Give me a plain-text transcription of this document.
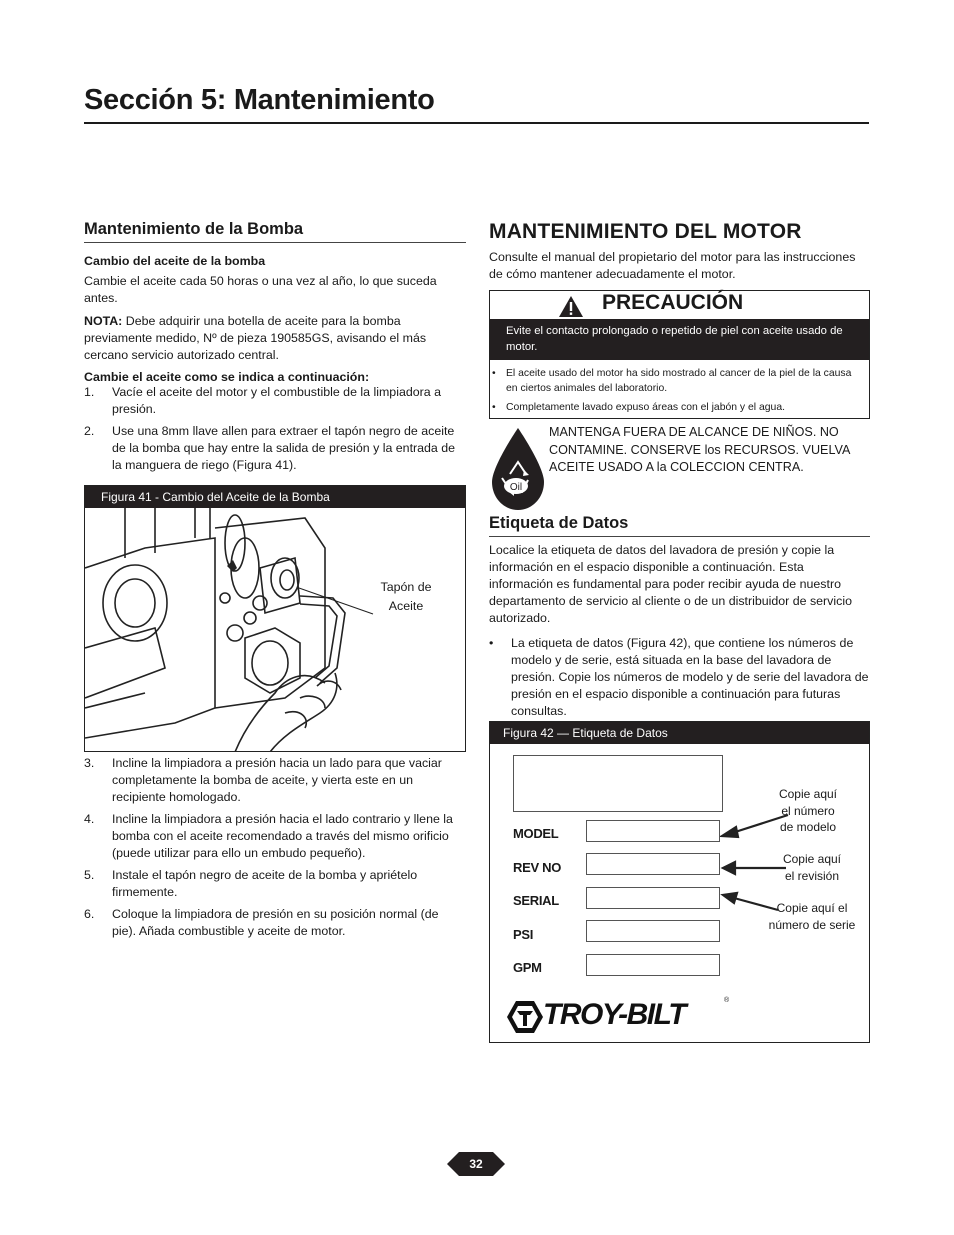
Sección 5: Mantenimiento
Mantenimiento de la Bomba
Cambio del aceite de la bomba

Cambie el aceite cada 50 horas o una vez al año, lo que suceda antes.

NOTA: Debe adquirir una botella de aceite para la bomba previamente medido, Nº de pieza 190585GS, avisando el más cercano servicio autorizado central.

Cambie el aceite como se indica a continuación:
1. Vacíe el aceite del motor y el combustible de la limpiadora a presión.
2. Use una 8mm llave allen para extraer el tapón negro de aceite de la bomba que hay entre la salida de presión y la entrada de la manguera de riego (Figura 41).
Figura 41 - Cambio del Aceite de la Bomba
Tapón de
Aceite
3. Incline la limpiadora a presión hacia un lado para que vaciar completamente la bomba de aceite, y vierta este en un recipiente homologado.
4. Incline la limpiadora a presión hacia el lado contrario y llene la bomba con el aceite recomendado a través del mismo orificio (puede utilizar para ello un embudo pequeño).
5. Instale el tapón negro de aceite de la bomba y apriételo firmemente.
6. Coloque la limpiadora de presión en su posición normal (de pie). Añada combustible y aceite de motor.
MANTENIMIENTO DEL MOTOR

Consulte el manual del propietario del motor para las instrucciones de cómo mantener adecuadamente el motor.

PRECAUCIÓN
Evite el contacto prolongado o repetido de piel con aceite usado de motor.
• El aceite usado del motor ha sido mostrado al cancer de la piel de la causa en ciertos animales del laboratorio.
• Completamente lavado expuso áreas con el jabón y el agua.
Oil
MANTENGA FUERA DE ALCANCE DE NIÑOS. NO CONTAMINE. CONSERVE los RECURSOS. VUELVA ACEITE USADO A la COLECCION CENTRA.
Etiqueta de Datos

Localice la etiqueta de datos del lavadora de presión y copie la información en el espacio disponible a continuación. Esta información es fundamental para poder recibir ayuda de nuestro departamento de servicio al cliente o de un distribuidor de servicio autorizado.

• La etiqueta de datos (Figura 42), que contiene los números de modelo y de serie, está situada en la base del lavadora de presión. Copie los números de modelo y de serie del lavadora de presión en el espacio disponible a continuación para futuras consultas.
Figura 42 — Etiqueta de Datos
MODEL
REV NO
SERIAL
PSI
GPM
Copie aquí
el número
de modelo
Copie aquí
el revisión
Copie aquí el
número de serie
TROY-BILT	®
32
